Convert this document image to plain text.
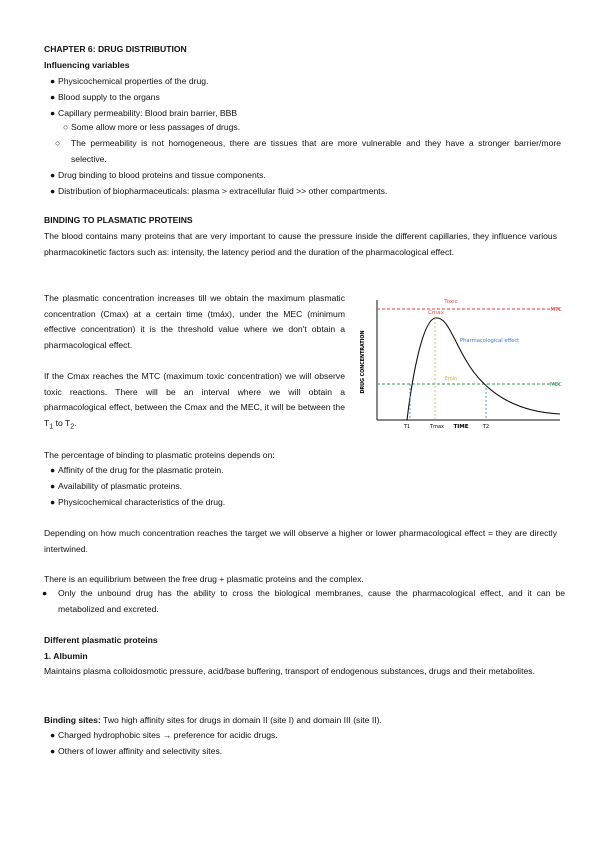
CHAPTER 6: DRUG DISTRIBUTION
Influencing variables
● Physicochemical properties of the drug.
● Blood supply to the organs
● Capillary permeability: Blood brain barrier, BBB
○ Some allow more or less passages of drugs.
○ The permeability is not homogeneous, there are tissues that are more vulnerable and they have a stronger barrier/more selective.
● Drug binding to blood proteins and tissue components.
● Distribution of biopharmaceuticals: plasma > extracellular fluid >> other compartments.
BINDING TO PLASMATIC PROTEINS
The blood contains many proteins that are very important to cause the pressure inside the different capillaries, they influence various pharmacokinetic factors such as: intensity, the latency period and the duration of the pharmacological effect.
The plasmatic concentration increases till we obtain the maximum plasmatic concentration (Cmax) at a certain time (tmáx), under the MEC (minimum effective concentration) it is the threshold value where we don't obtain a pharmacological effect.
If the Cmax reaches the MTC (maximum toxic concentration) we will observe toxic reactions. There will be an interval where we will obtain a pharmacological effect, between the Cmax and the MEC, it will be between the $T_1$ to $T_2$.
DRUG CONCENTRATION
MTC
MEC
Toxic
Cmax
Pharmacological effect
Emin
T1	Tmax TIME	T2
The percentage of binding to plasmatic proteins depends on:
● Affinity of the drug for the plasmatic protein.
● Availability of plasmatic proteins.
● Physicochemical characteristics of the drug.
Depending on how much concentration reaches the target we will observe a higher or lower pharmacological effect = they are directly intertwined.
There is an equilibrium between the free drug + plasmatic proteins and the complex.
● Only the unbound drug has the ability to cross the biological membranes, cause the pharmacological effect, and it can be metabolized and excreted.
Different plasmatic proteins
1. Albumin
Maintains plasma colloidosmotic pressure, acid/base buffering, transport of endogenous substances, drugs and their metabolites.
Binding sites: Two high affinity sites for drugs in domain II (site I) and domain III (site II).
● Charged hydrophobic sites → preference for acidic drugs.
● Others of lower affinity and selectivity sites.
